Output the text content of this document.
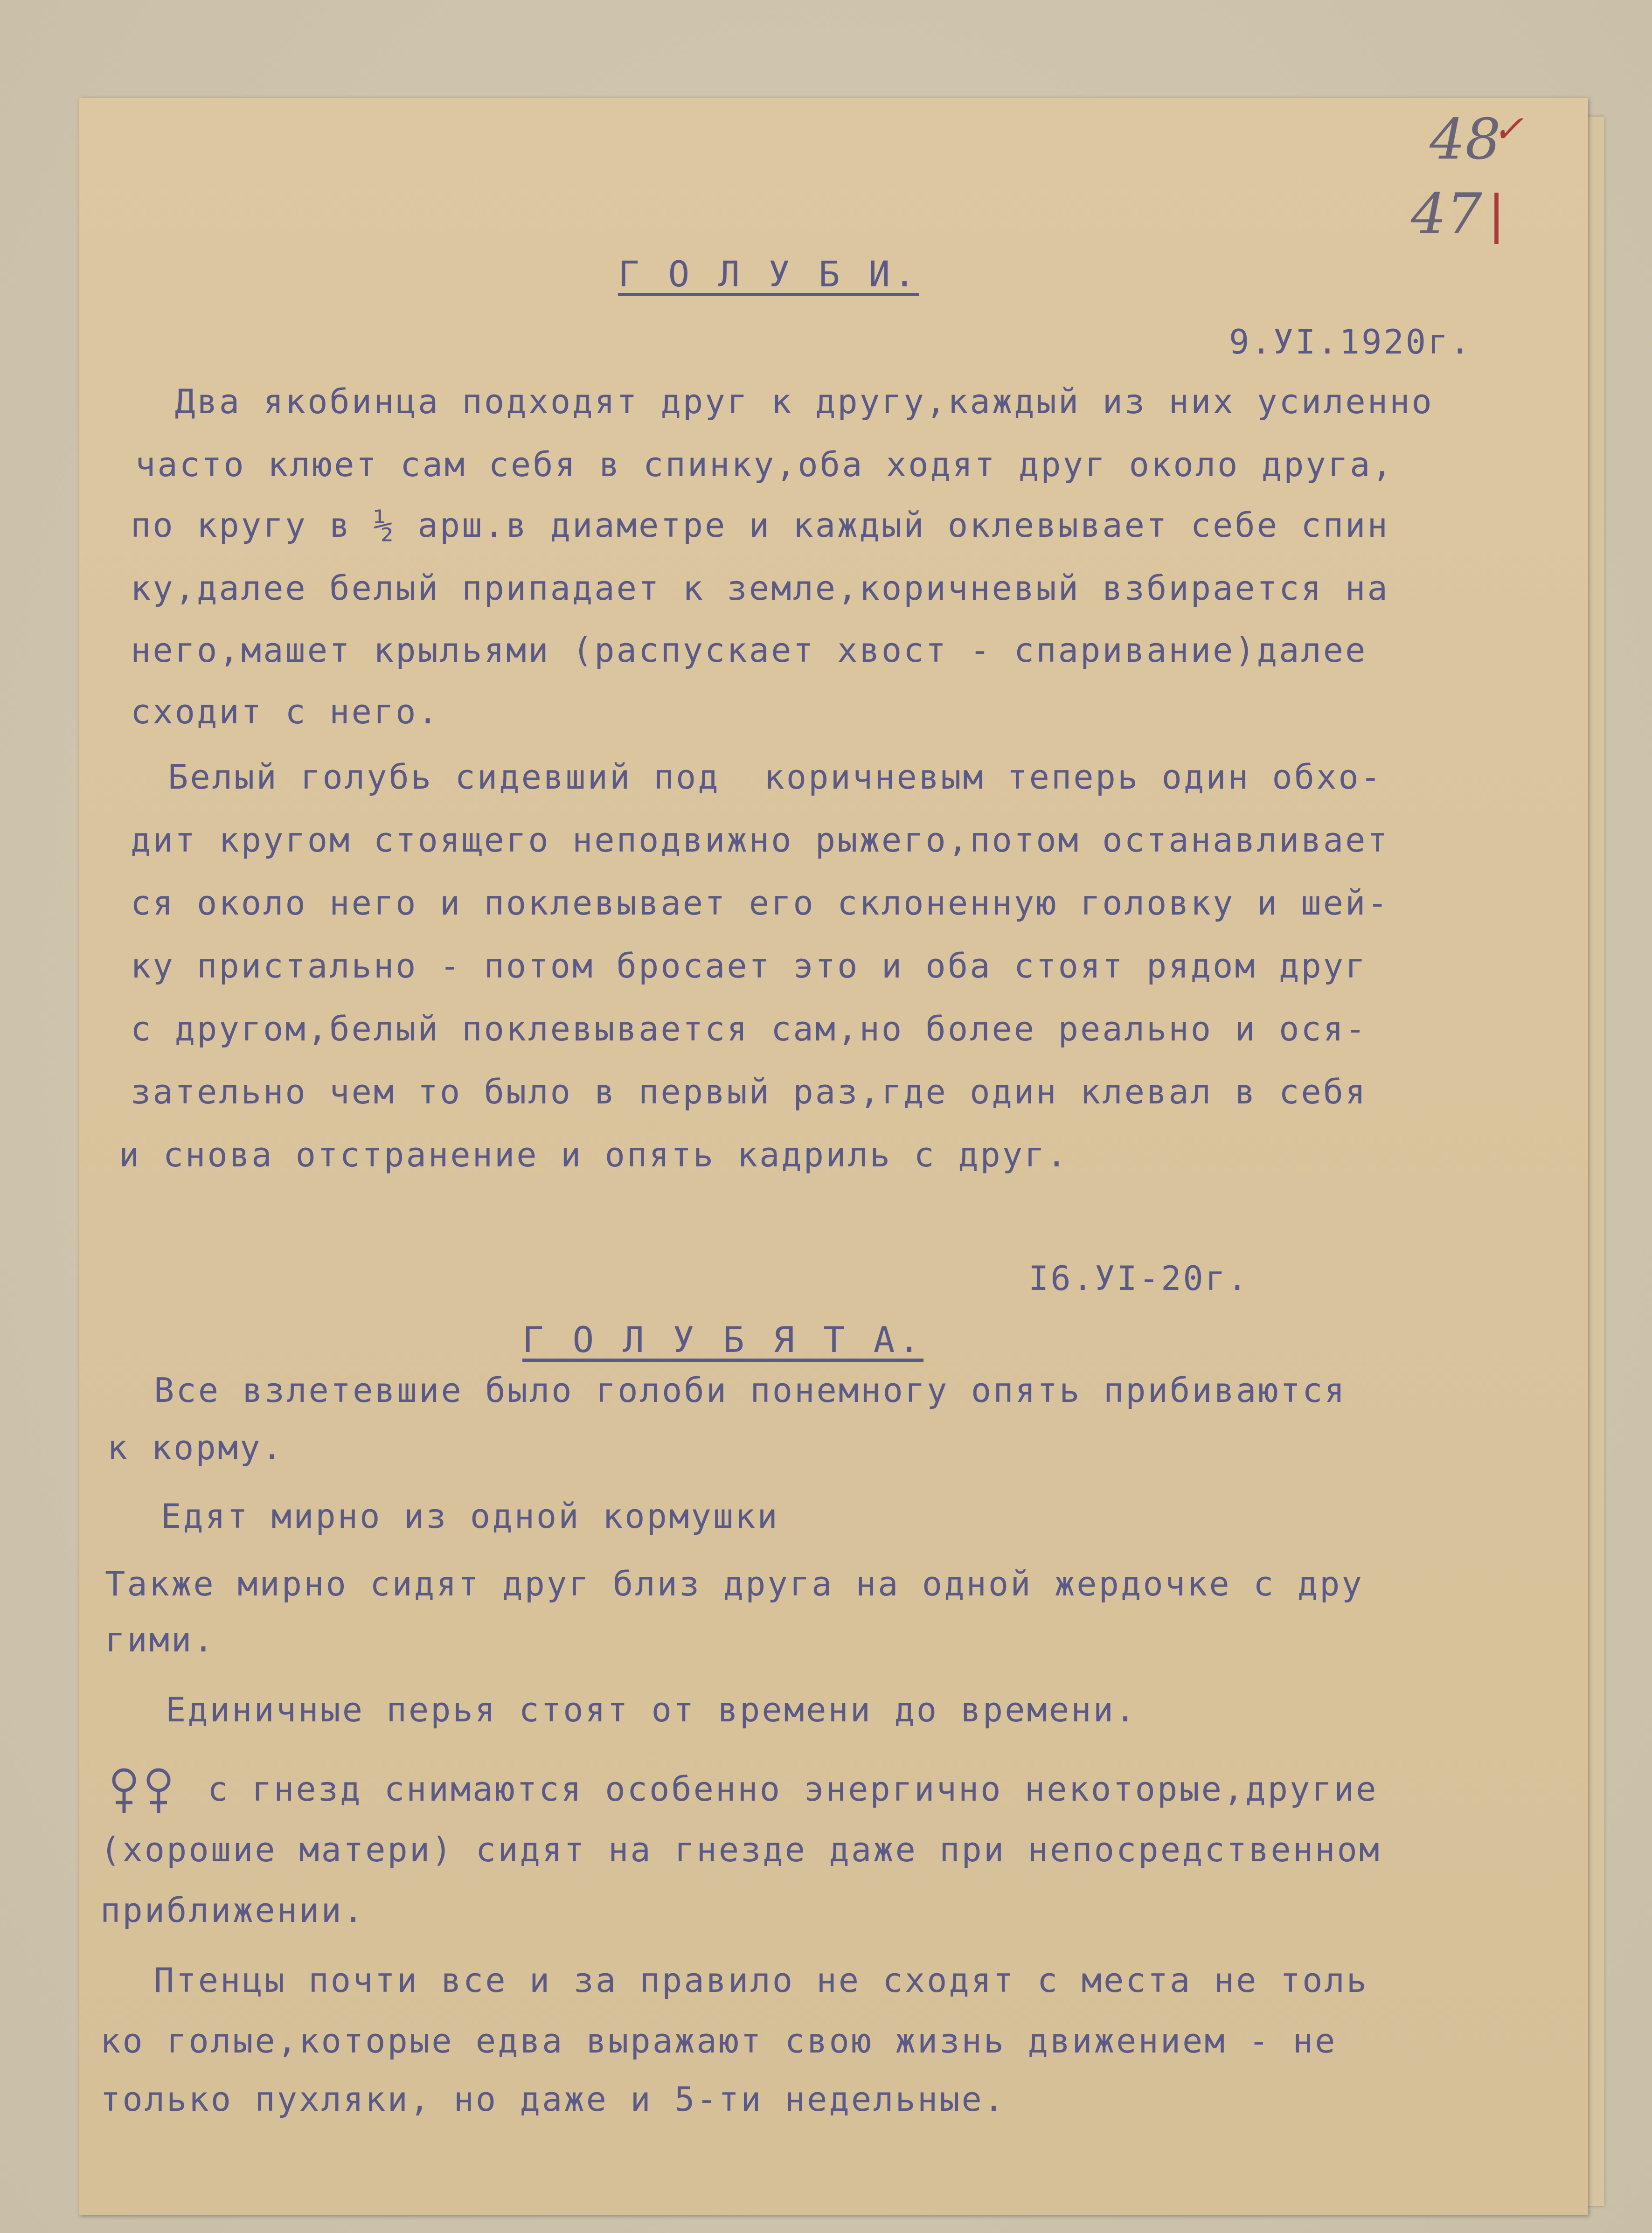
48
✓
47 |
Г О Л У Б И.
9.УI.1920г.
Два якобинца подходят друг к другу,каждый из них усиленно
часто клюет сам себя в спинку,оба ходят друг около друга,
по кругу в ½ арш.в диаметре и каждый оклевывает себе спин
ку,далее белый припадает к земле,коричневый взбирается на
него,машет крыльями (распускает хвост - спаривание)далее
сходит с него.
Белый голубь сидевший под  коричневым теперь один обхо-
дит кругом стоящего неподвижно рыжего,потом останавливает
ся около него и поклевывает его склоненную головку и шей-
ку пристально - потом бросает это и оба стоят рядом друг
с другом,белый поклевывается сам,но более реально и ося-
зательно чем то было в первый раз,где один клевал в себя
и снова отстранение и опять кадриль с друг.
I6.УI-20г.
Г О Л У Б Я Т А.
Все взлетевшие было голоби понемногу опять прибиваются
к корму.
Едят мирно из одной кормушки
Также мирно сидят друг близ друга на одной жердочке с дру
гими.
Единичные перья стоят от времени до времени.
с гнезд снимаются особенно энергично некоторые,другие
(хорошие матери) сидят на гнезде даже при непосредственном
приближении.
Птенцы почти все и за правило не сходят с места не толь
ко голые,которые едва выражают свою жизнь движением - не
только пухляки, но даже и 5-ти недельные.
